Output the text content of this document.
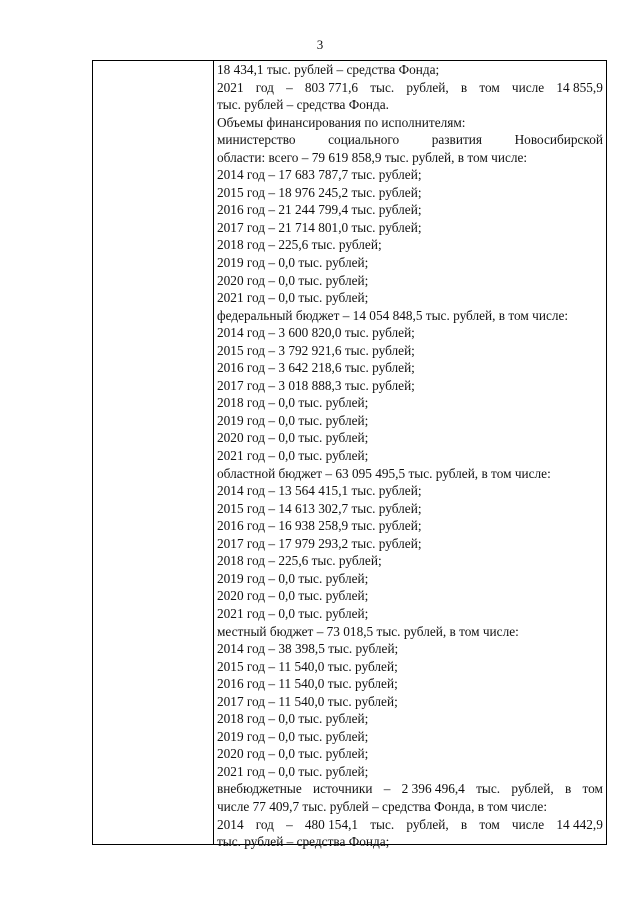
3
18 434,1 тыс. рублей – средства Фонда;
2021 год – 803 771,6 тыс. рублей, в том числе 14 855,9
тыс. рублей – средства Фонда.
Объемы финансирования по исполнителям:
министерство социального развития Новосибирской
области: всего – 79 619 858,9 тыс. рублей, в том числе:
2014 год – 17 683 787,7 тыс. рублей;
2015 год – 18 976 245,2 тыс. рублей;
2016 год – 21 244 799,4 тыс. рублей;
2017 год – 21 714 801,0 тыс. рублей;
2018 год – 225,6 тыс. рублей;
2019 год – 0,0 тыс. рублей;
2020 год – 0,0 тыс. рублей;
2021 год – 0,0 тыс. рублей;
федеральный бюджет – 14 054 848,5 тыс. рублей, в том числе:
2014 год – 3 600 820,0 тыс. рублей;
2015 год – 3 792 921,6 тыс. рублей;
2016 год – 3 642 218,6 тыс. рублей;
2017 год – 3 018 888,3 тыс. рублей;
2018 год – 0,0 тыс. рублей;
2019 год – 0,0 тыс. рублей;
2020 год – 0,0 тыс. рублей;
2021 год – 0,0 тыс. рублей;
областной бюджет – 63 095 495,5 тыс. рублей, в том числе:
2014 год – 13 564 415,1 тыс. рублей;
2015 год – 14 613 302,7 тыс. рублей;
2016 год – 16 938 258,9 тыс. рублей;
2017 год – 17 979 293,2 тыс. рублей;
2018 год – 225,6 тыс. рублей;
2019 год – 0,0 тыс. рублей;
2020 год – 0,0 тыс. рублей;
2021 год – 0,0 тыс. рублей;
местный бюджет – 73 018,5 тыс. рублей, в том числе:
2014 год – 38 398,5 тыс. рублей;
2015 год – 11 540,0 тыс. рублей;
2016 год – 11 540,0 тыс. рублей;
2017 год – 11 540,0 тыс. рублей;
2018 год – 0,0 тыс. рублей;
2019 год – 0,0 тыс. рублей;
2020 год – 0,0 тыс. рублей;
2021 год – 0,0 тыс. рублей;
внебюджетные источники – 2 396 496,4 тыс. рублей, в том
числе 77 409,7 тыс. рублей – средства Фонда, в том числе:
2014 год – 480 154,1 тыс. рублей, в том числе 14 442,9
тыс. рублей – средства Фонда;
